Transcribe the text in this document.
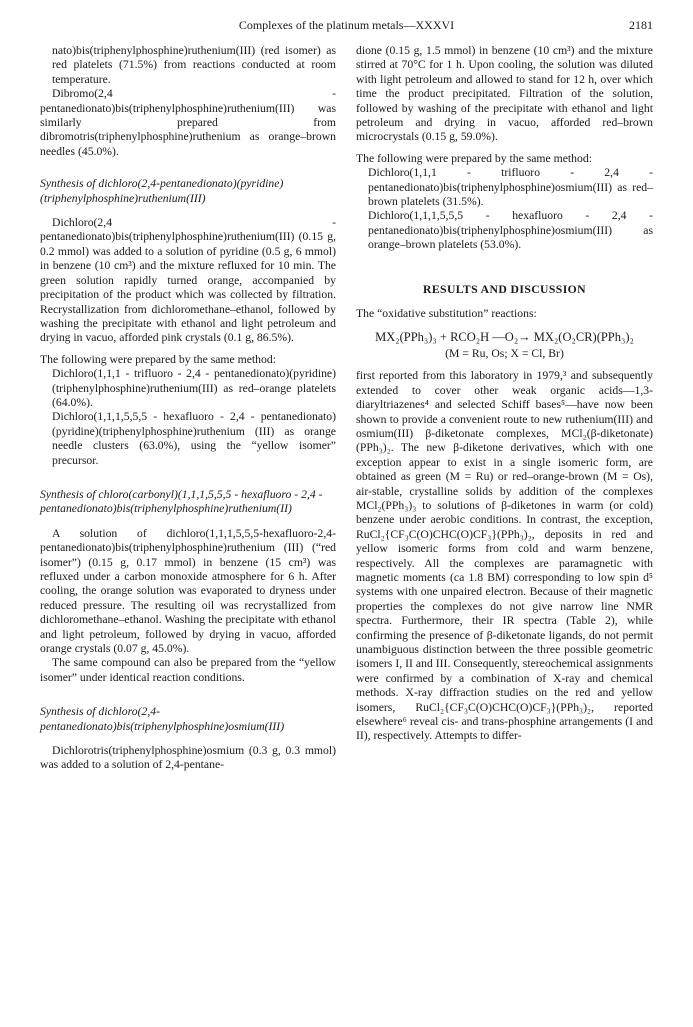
Complexes of the platinum metals—XXXVI	2181

nato)bis(triphenylphosphine)ruthenium(III) (red isomer) as red platelets (71.5%) from reactions conducted at room temperature.

Dibromo(2,4 - pentanedionato)bis(triphenylphosphine)ruthenium(III) was similarly prepared from dibromotris(triphenylphosphine)ruthenium as orange–brown needles (45.0%).

Synthesis of dichloro(2,4-pentanedionato)(pyridine)(triphenylphosphine)ruthenium(III)

Dichloro(2,4 - pentanedionato)bis(triphenylphosphine)ruthenium(III) (0.15 g, 0.2 mmol) was added to a solution of pyridine (0.5 g, 6 mmol) in benzene (10 cm³) and the mixture refluxed for 10 min. The green solution rapidly turned orange, accompanied by precipitation of the product which was collected by filtration. Recrystallization from dichloromethane–ethanol, followed by washing the precipitate with ethanol and light petroleum and drying in vacuo, afforded pink crystals (0.1 g, 86.5%).

The following were prepared by the same method:

Dichloro(1,1,1 - trifluoro - 2,4 - pentanedionato)(pyridine)(triphenylphosphine)ruthenium(III) as red–orange platelets (64.0%).

Dichloro(1,1,1,5,5,5 - hexafluoro - 2,4 - pentanedionato)(pyridine)(triphenylphosphine)ruthenium (III) as orange needle clusters (63.0%), using the “yellow isomer” precursor.

Synthesis of chloro(carbonyl)(1,1,1,5,5,5 - hexafluoro - 2,4 - pentanedionato)bis(triphenylphosphine)ruthenium(II)

A solution of dichloro(1,1,1,5,5,5-hexafluoro-2,4-pentanedionato)bis(triphenylphosphine)ruthenium (III) (“red isomer”) (0.15 g, 0.17 mmol) in benzene (15 cm³) was refluxed under a carbon monoxide atmosphere for 6 h. After cooling, the orange solution was evaporated to dryness under reduced pressure. The resulting oil was recrystallized from dichloromethane–ethanol. Washing the precipitate with ethanol and light petroleum, followed by drying in vacuo, afforded orange crystals (0.07 g, 45.0%).

The same compound can also be prepared from the “yellow isomer” under identical reaction conditions.

Synthesis of dichloro(2,4-pentanedionato)bis(triphenylphosphine)osmium(III)

Dichlorotris(triphenylphosphine)osmium (0.3 g, 0.3 mmol) was added to a solution of 2,4-pentane-

dione (0.15 g, 1.5 mmol) in benzene (10 cm³) and the mixture stirred at 70°C for 1 h. Upon cooling, the solution was diluted with light petroleum and allowed to stand for 12 h, over which time the product precipitated. Filtration of the solution, followed by washing of the precipitate with ethanol and light petroleum and drying in vacuo, afforded red–brown microcrystals (0.15 g, 59.0%).

The following were prepared by the same method:

Dichloro(1,1,1 - trifluoro - 2,4 - pentanedionato)bis(triphenylphosphine)osmium(III) as red–brown platelets (31.5%).

Dichloro(1,1,1,5,5,5 - hexafluoro - 2,4 - pentanedionato)bis(triphenylphosphine)osmium(III) as orange–brown platelets (53.0%).

RESULTS AND DISCUSSION

The “oxidative substitution” reactions:

MX₂(PPh₃)₃ + RCO₂H —O₂→ MX₂(O₂CR)(PPh₃)₂

(M = Ru, Os; X = Cl, Br)

first reported from this laboratory in 1979,³ and subsequently extended to cover other weak organic acids—1,3-diaryltriazenes⁴ and selected Schiff bases⁵—have now been shown to provide a convenient route to new ruthenium(III) and osmium(III) β-diketonate complexes, MCl₂(β-diketonate)(PPh₃)₂. The new β-diketone derivatives, which with one exception appear to exist in a single isomeric form, are obtained as green (M = Ru) or red–orange-brown (M = Os), air-stable, crystalline solids by addition of the complexes MCl₂(PPh₃)₃ to solutions of β-diketones in warm (or cold) benzene under aerobic conditions. In contrast, the exception, RuCl₂{CF₃C(O)CHC(O)CF₃}(PPh₃)₂, deposits in red and yellow isomeric forms from cold and warm benzene, respectively. All the complexes are paramagnetic with magnetic moments (ca 1.8 BM) corresponding to low spin d⁵ systems with one unpaired electron. Because of their magnetic properties the complexes do not give narrow line NMR spectra. Furthermore, their IR spectra (Table 2), while confirming the presence of β-diketonate ligands, do not permit unambiguous distinction between the three possible geometric isomers I, II and III. Consequently, stereochemical assignments were confirmed by a combination of X-ray and chemical methods. X-ray diffraction studies on the red and yellow isomers, RuCl₂{CF₃C(O)CHC(O)CF₃}(PPh₃)₂, reported elsewhere⁶ reveal cis- and trans-phosphine arrangements (I and II), respectively. Attempts to differ-
